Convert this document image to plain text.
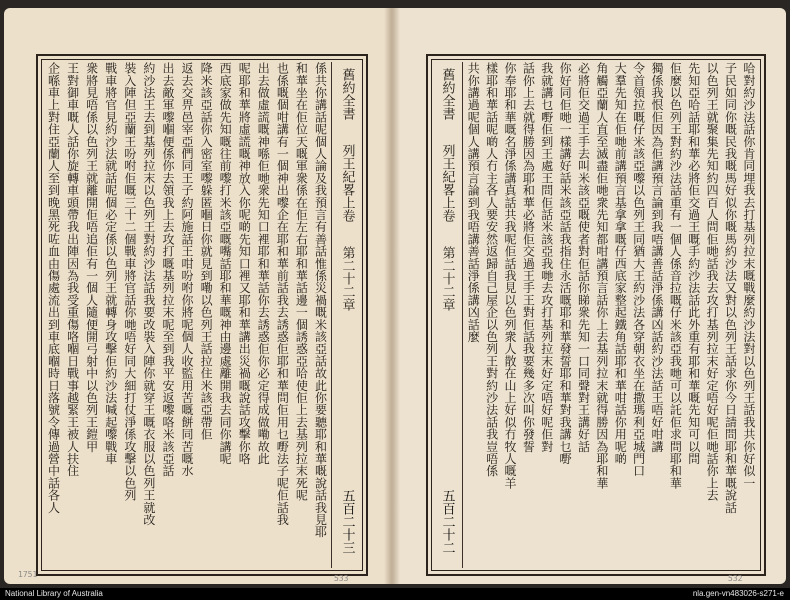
舊約全書
列王紀畧上卷
第二十二章
五百二十三
係共你講話呢個人論及我預言有善話惟係災禍嘅米該亞話故此你要聽耶和華嘅說話我見耶
和華坐在佢位天嘅軍衆係在佢左右耶和華話邊一個誘惑亞哈使佢上去基列拉末死呢
也係嘅個咁講有一個神出嚟企在耶和華前話我去誘惑佢耶和華問佢用乜嘢法子呢佢話我
出去做虛謊嘅神喺佢哋衆先知口裡耶和華話你去誘惑佢你必定得成做嘞故此
呢耶和華將虛謊嘅神放入你呢啲先知口裡又耶和華講出災禍嘅說話攻擊你咯
西底家做先知嘅往前嚟打米該亞嘅嘴話耶和華嘅神由邊處離開我去同你講呢
降米該亞話你入密室嚟躲匿嗰日你就見到嘞以色列王話拉住米該亞帶佢
返去交畀邑宰亞們同王子約阿施話王咁吩咐你將呢個人收監用苦嘅餅同苦嘅水
出去敵軍嚟嗰便係你去領我上去攻打嘅基列拉末呢至到我平安返嚟咯米該亞話
約沙法王去到基列拉末以色列王對約沙法話我要改裝入陣你就穿王嘅衣服以色列王就改
裝入陣但亞蘭王吩咐佢嘅三十二個戰車將官話你哋唔好同大細打仗淨係攻擊以色列
戰車將官見約沙法就話呢個必定係以色列王就轉身攻擊佢約沙法喊起嚟戰車
衆將見唔係以色列王就離開佢唔追佢有一個人隨便開弓射中以色列王鎧甲
王對御車嘅人話你旋轉車頭帶我出陣因為我受重傷咯嗰日戰事越緊王被人扶住
企喺車上對住亞蘭人至到晚黑死咗血由傷處流出到車底嗰時日落號令傳過營中話各人
1751	533
舊約全書
列王紀畧上卷
第二十二章
五百二十二
哈對約沙法話你肯同埋我去打基列拉末嘅戰麼約沙法對以色列王話我共你好似一
子民如同你嘅民我嘅馬好似你嘅馬約沙法又對以色列王話求你今日請問耶和華嘅說話
以色列王就聚集先知約四百人問佢哋話我去攻打基列拉末好定唔好呢佢哋話你上去
先知亞哈話耶和華必將佢交過王嘅手約沙法話此外重有耶和華嘅先知可以問
佢麼以色列王對約沙法話重有一個人係音拉嘅仔米該亞我哋可以託佢求問耶和華
獨係我恨佢因為佢講預言論到我唔講善話淨係講凶話約沙法話王唔好咁講
令首領拉嘅仔米該亞嚟以色列王同猶大王約沙法各穿朝衣坐在撒瑪利亞城門口
大羣先知在佢哋前講預言基拿拿嘅仔西底家整起鐵角話耶和華咁話你用呢啲
角觸亞蘭人直至滅盡佢哋衆先知都咁講預言話你上去基列拉末就得勝因為耶和華
必將佢交過王手去叫米該亞嘅使者對佢話你睇衆先知一口同聲對王講好話
你好同佢哋一樣講好話米該亞話我指住永活嘅耶和華發誓耶和華對我講乜嘢
我就講乜嘢佢到王處王問佢話米該亞我哋去攻打基列拉末好定唔好呢佢對
話你上去就得勝因為耶和華必將佢交過王手王對佢話我要幾多次叫你發誓
你奉耶和華嘅名淨係講真話共我呢佢話我見以色列衆人散在山上好似冇牧人嘅羊
樣耶和華話呢啲人冇主各人要安然返歸自己屋企以色列王對約沙法話我豈唔係
共你講過呢個人講預言論到我唔講善話淨係講凶話麼
532
National Library of Australia	nla.gen-vn483026-s271-e
